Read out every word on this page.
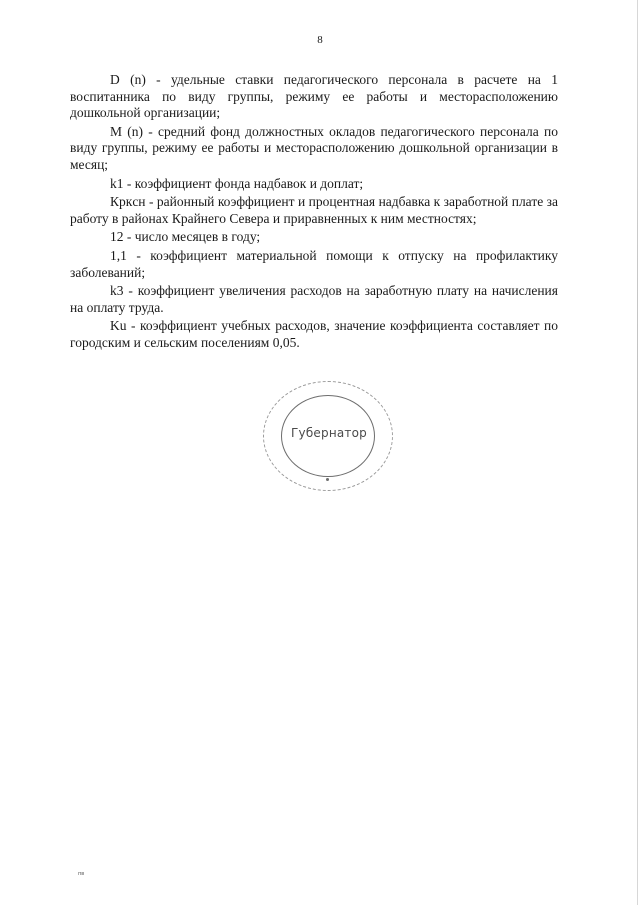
8

D (n) - удельные ставки педагогического персонала в расчете на 1 воспитанника по виду группы, режиму ее работы и месторасположению дошкольной организации;

M (n) - средний фонд должностных окладов педагогического персонала по виду группы, режиму ее работы и месторасположению дошкольной организации в месяц;

k1 - коэффициент фонда надбавок и доплат;

Кркcн - районный коэффициент и процентная надбавка к заработной плате за работу в районах Крайнего Севера и приравненных к ним местностях;

12 - число месяцев в году;

1,1 - коэффициент материальной помощи к отпуску на профилактику заболеваний;

k3 - коэффициент увеличения расходов на заработную плату на начисления на оплату труда.

Ku - коэффициент учебных расходов, значение коэффициента составляет по городским и сельским поселениям 0,05.

Губернатор
пв
